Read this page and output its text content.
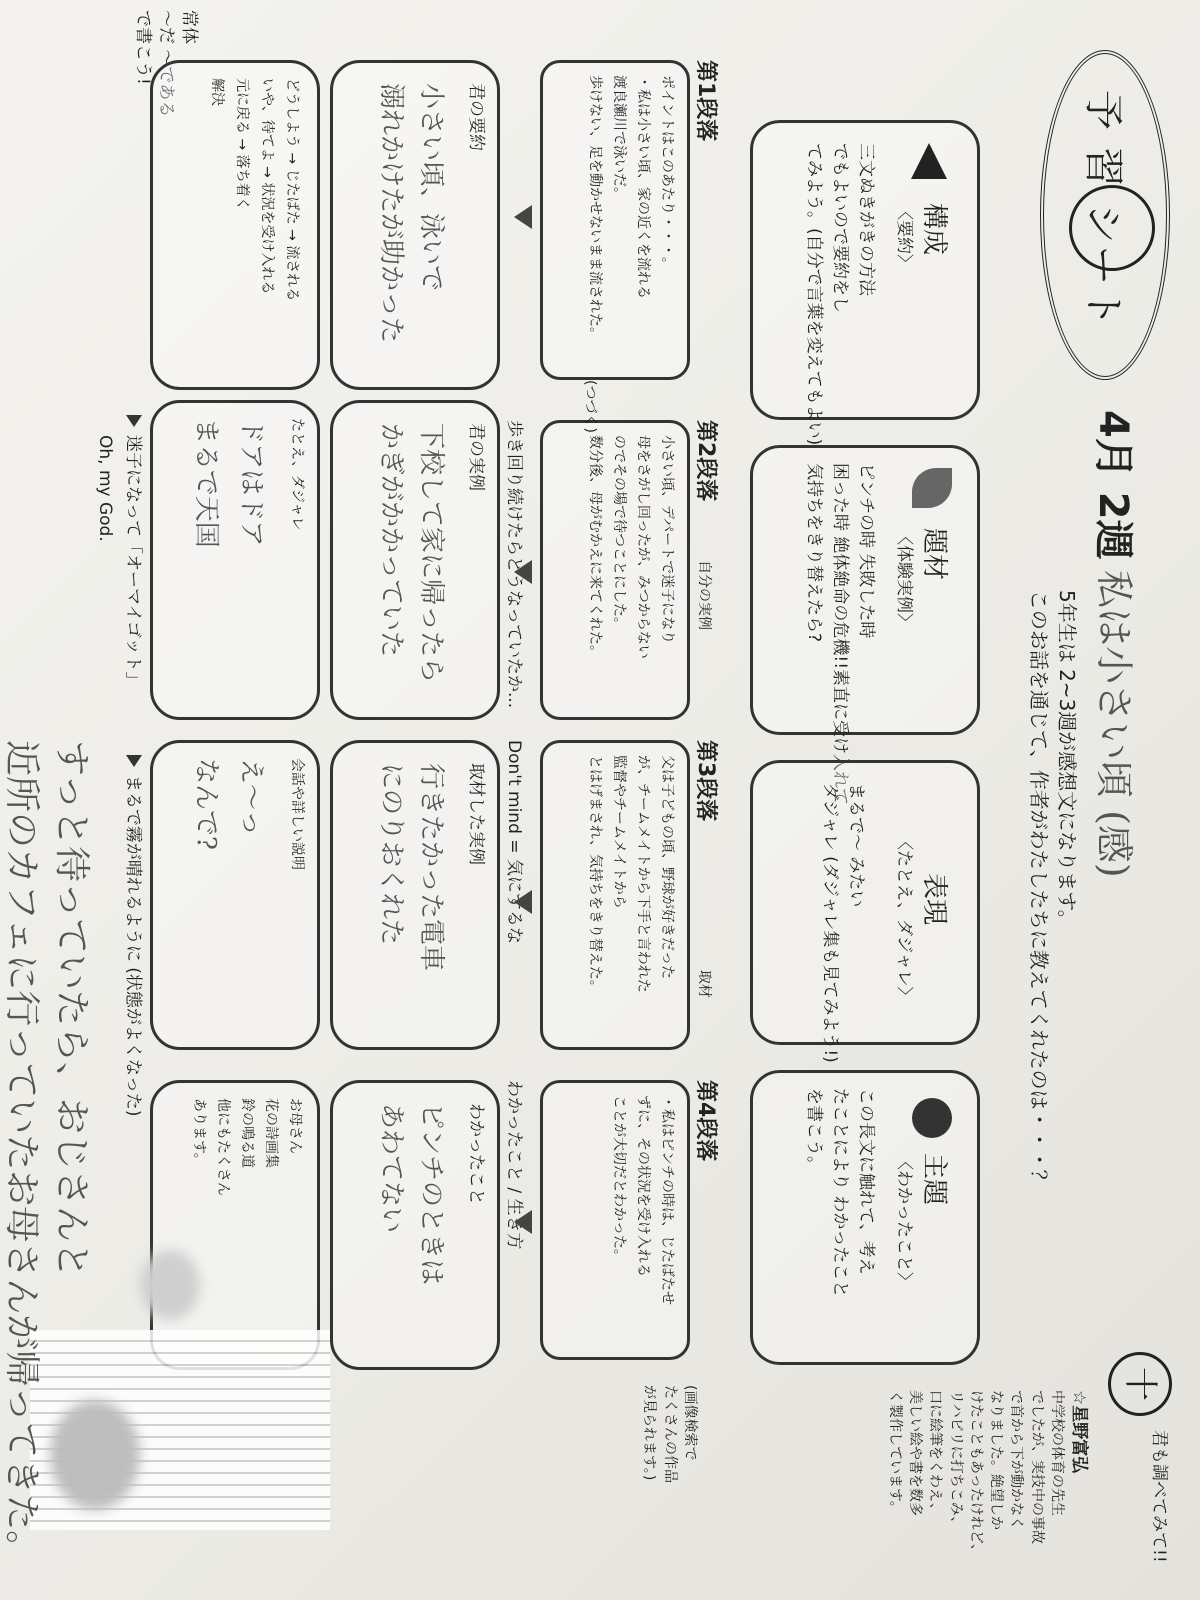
予 習 シート
4月 2週
私は小さい頃 (感)
5年生は 2~3週が感想文になります。
このお話を通じて、作者がわたしたちに教えてくれたのは・・・？
十
君も調べてみて!!
常体
～だ ～である
で書こう!
構成
〈要約〉
三文ぬきがきの方法
でもよいので要約をし
てみよう。(自分で言葉を変えてもよい)
題材
〈体験実例〉
ピンチの時 失敗した時
困った時 絶体絶命の危機!!素直に受け入れて
気持ちをきり替えたら?
表現
〈たとえ、ダジャレ〉
まるで〜 みたい
ダジャレ (ダジャレ集も見てみよう!)
主題
〈わかったこと〉
この長文に触れて、考え
たことにより わかったこと
を書こう。
☆星野富弘
中学校の体育の先生
でしたが、実技中の事故
で首から下が動かなく
なりました。絶望しか
けたこともあったけれど、
リハビリに打ちこみ、
口に絵筆をくわえ、
美しい絵や書を数多
く製作しています。
第1段落
ポイントはこのあたり・・・。
・私は小さい頃、家の近くを流れる
渡良瀬川で泳いだ。
歩けない、足を動かせないまま流された。
第2段落
自分の実例
小さい頃、デパートで迷子になり
母をさがし回ったが、みつからない
のでその場で待つことにした。
数分後、母がむかえに来てくれた。
第3段落
取材
父は子どもの頃、野球が好きだった
が、チームメイトから下手と言われた
監督やチームメイトから
とはげまされ、気持ちをきり替えた。
第4段落
・私はピンチの時は、じたばたせ
ずに、その状況を受け入れる
ことが大切だとわかった。
(画像検索で
たくさんの作品
が見られます。)
(つづく)
歩き回り続けたらどうなっていたか...
Don't mind = 気にするな
わかったこと / 生き方
君の要約
小さい頃、泳いで
溺れかけたが助かった
君の実例
下校して家に帰ったら
かぎがかかっていた
取材した実例
行きたかった電車
にのりおくれた
わかったこと
ピンチのときは
あわてない
どうしよう → じたばた → 流される
いや、待てよ → 状況を受け入れる
元に戻る → 落ち着く
解決
たとえ、ダジャレ
ドアはドア
まるで天国
会話や詳しい説明
え〜っ
なんで?
お母さん
花の詩画集
鈴の鳴る道
他にもたくさん
あります。
迷子になって「オーマイゴット」
Oh, my God.
まるで霧が晴れるように (状態がよくなった)
すっと待っていたら、おじさんと
近所のカフェに行っていたお母さんが帰ってきた。
